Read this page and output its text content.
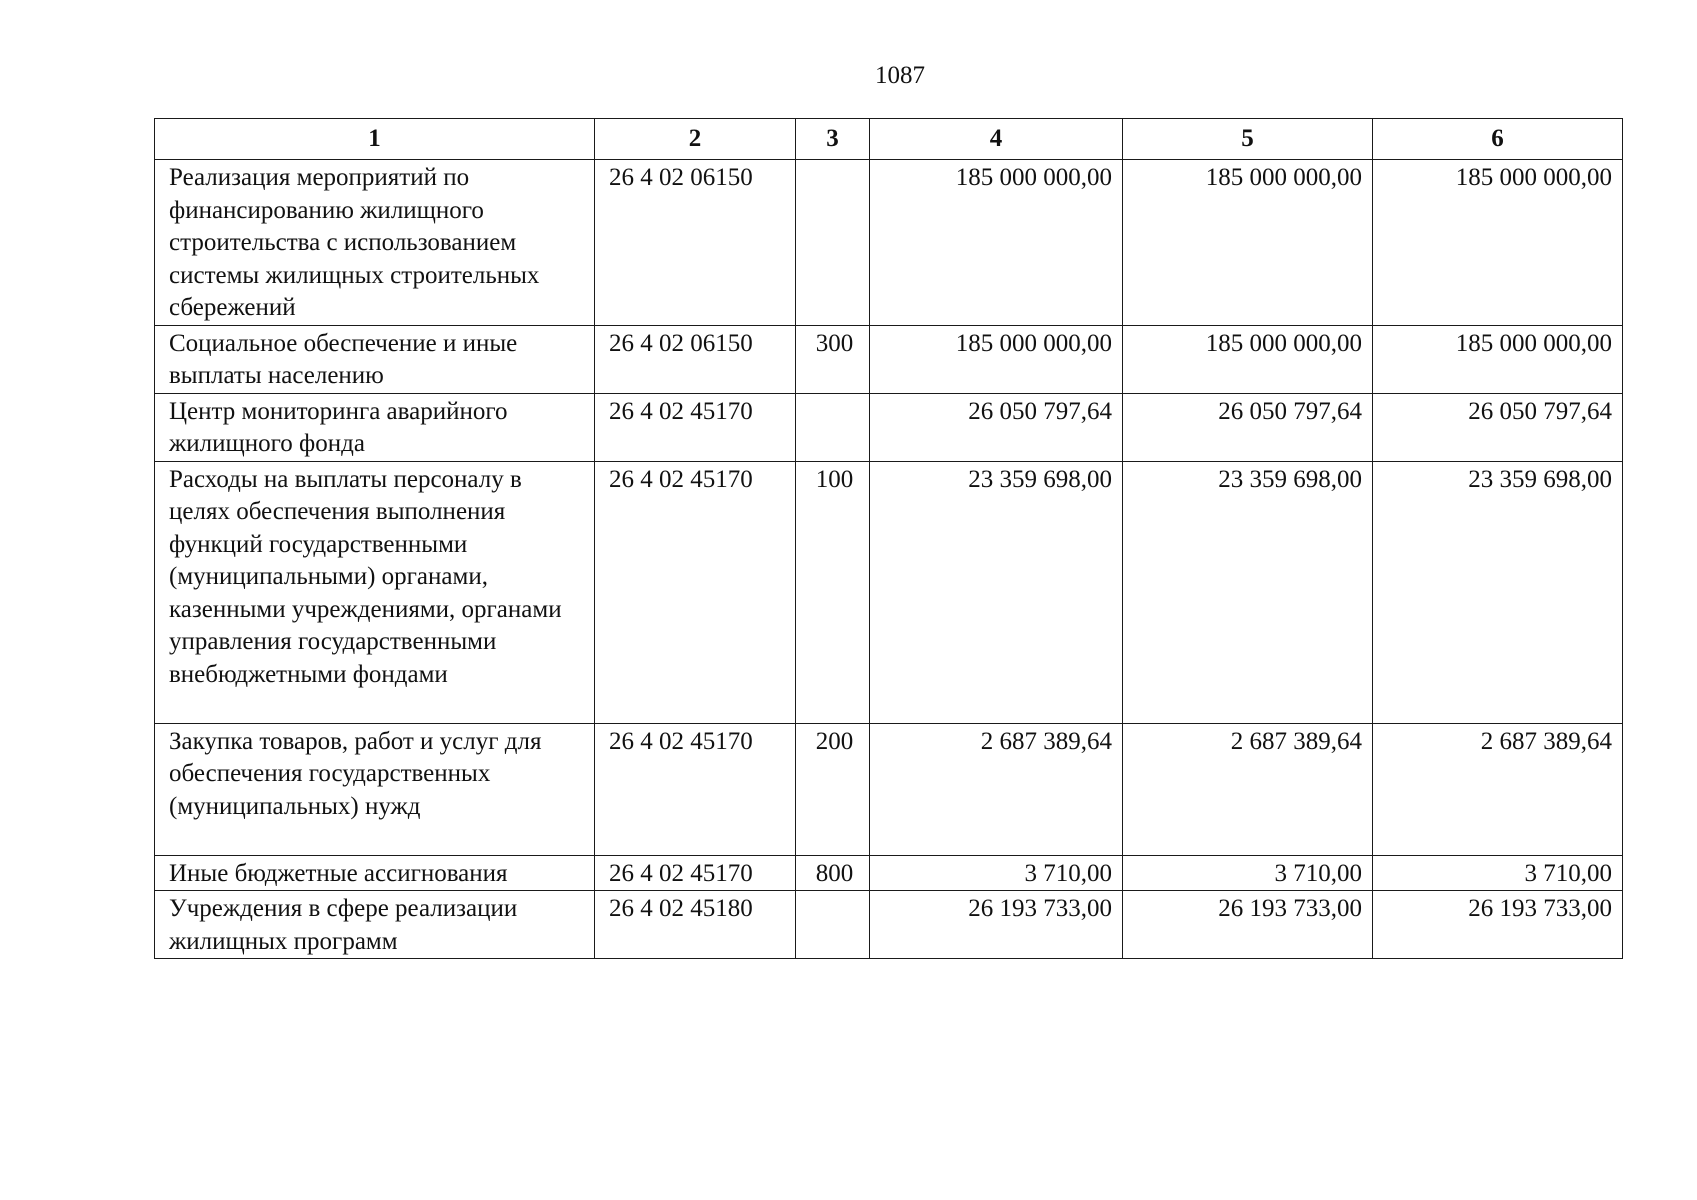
1087
1	2	3	4	5	6
Реализация мероприятий по финансированию жилищного строительства с использованием системы жилищных строительных сбережений	26 4 02 06150		185 000 000,00	185 000 000,00	185 000 000,00
Социальное обеспечение и иные выплаты населению	26 4 02 06150	300	185 000 000,00	185 000 000,00	185 000 000,00
Центр мониторинга аварийного жилищного фонда	26 4 02 45170		26 050 797,64	26 050 797,64	26 050 797,64
Расходы на выплаты персоналу в целях обеспечения выполнения функций государственными (муниципальными) органами, казенными учреждениями, органами управления государственными внебюджетными фондами	26 4 02 45170	100	23 359 698,00	23 359 698,00	23 359 698,00
Закупка товаров, работ и услуг для обеспечения государственных (муниципальных) нужд	26 4 02 45170	200	2 687 389,64	2 687 389,64	2 687 389,64
Иные бюджетные ассигнования	26 4 02 45170	800	3 710,00	3 710,00	3 710,00
Учреждения в сфере реализации жилищных программ	26 4 02 45180		26 193 733,00	26 193 733,00	26 193 733,00
